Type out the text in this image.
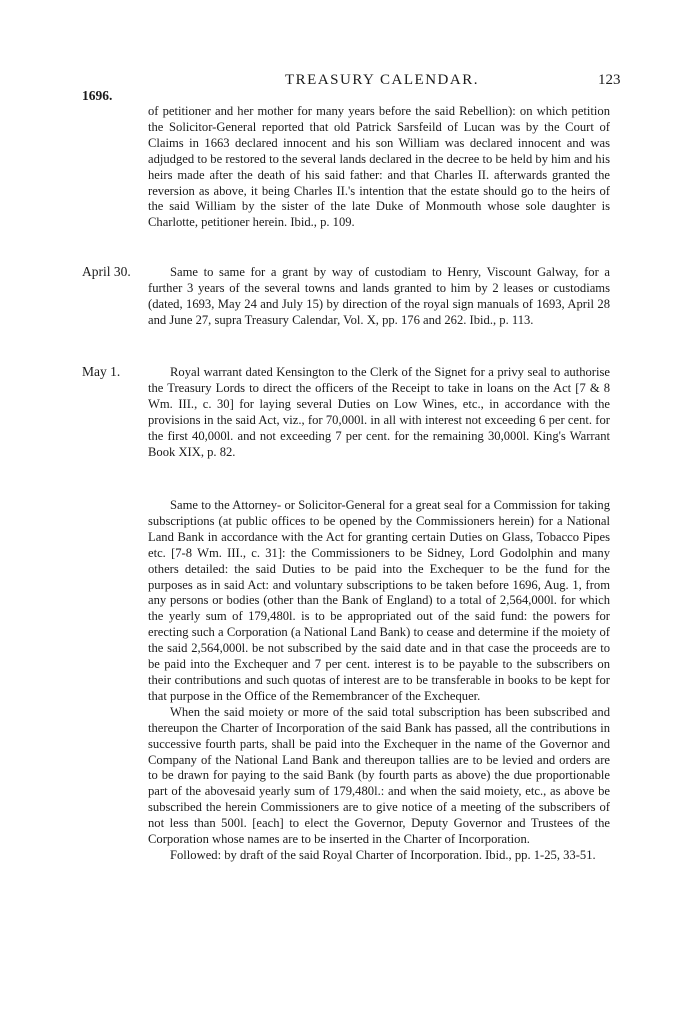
TREASURY CALENDAR.	123
1696.

of petitioner and her mother for many years before the said Rebellion): on which petition the Solicitor-General reported that old Patrick Sarsfeild of Lucan was by the Court of Claims in 1663 declared innocent and his son William was declared innocent and was adjudged to be restored to the several lands declared in the decree to be held by him and his heirs made after the death of his said father: and that Charles II. afterwards granted the reversion as above, it being Charles II.'s intention that the estate should go to the heirs of the said William by the sister of the late Duke of Monmouth whose sole daughter is Charlotte, petitioner herein. Ibid., p. 109.

April 30.	Same to same for a grant by way of custodiam to Henry, Viscount Galway, for a further 3 years of the several towns and lands granted to him by 2 leases or custodiams (dated, 1693, May 24 and July 15) by direction of the royal sign manuals of 1693, April 28 and June 27, supra Treasury Calendar, Vol. X, pp. 176 and 262. Ibid., p. 113.

May 1.	Royal warrant dated Kensington to the Clerk of the Signet for a privy seal to authorise the Treasury Lords to direct the officers of the Receipt to take in loans on the Act [7 & 8 Wm. III., c. 30] for laying several Duties on Low Wines, etc., in accordance with the provisions in the said Act, viz., for 70,000l. in all with interest not exceeding 6 per cent. for the first 40,000l. and not exceeding 7 per cent. for the remaining 30,000l. King's Warrant Book XIX, p. 82.

Same to the Attorney- or Solicitor-General for a great seal for a Commission for taking subscriptions (at public offices to be opened by the Commissioners herein) for a National Land Bank in accordance with the Act for granting certain Duties on Glass, Tobacco Pipes etc. [7-8 Wm. III., c. 31]: the Commissioners to be Sidney, Lord Godolphin and many others detailed: the said Duties to be paid into the Exchequer to be the fund for the purposes as in said Act: and voluntary subscriptions to be taken before 1696, Aug. 1, from any persons or bodies (other than the Bank of England) to a total of 2,564,000l. for which the yearly sum of 179,480l. is to be appropriated out of the said fund: the powers for erecting such a Corporation (a National Land Bank) to cease and determine if the moiety of the said 2,564,000l. be not subscribed by the said date and in that case the proceeds are to be paid into the Exchequer and 7 per cent. interest is to be payable to the subscribers on their contributions and such quotas of interest are to be transferable in books to be kept for that purpose in the Office of the Remembrancer of the Exchequer.

When the said moiety or more of the said total subscription has been subscribed and thereupon the Charter of Incorporation of the said Bank has passed, all the contributions in successive fourth parts, shall be paid into the Exchequer in the name of the Governor and Company of the National Land Bank and thereupon tallies are to be levied and orders are to be drawn for paying to the said Bank (by fourth parts as above) the due proportionable part of the abovesaid yearly sum of 179,480l.: and when the said moiety, etc., as above be subscribed the herein Commissioners are to give notice of a meeting of the subscribers of not less than 500l. [each] to elect the Governor, Deputy Governor and Trustees of the Corporation whose names are to be inserted in the Charter of Incorporation.

Followed: by draft of the said Royal Charter of Incorporation. Ibid., pp. 1-25, 33-51.
